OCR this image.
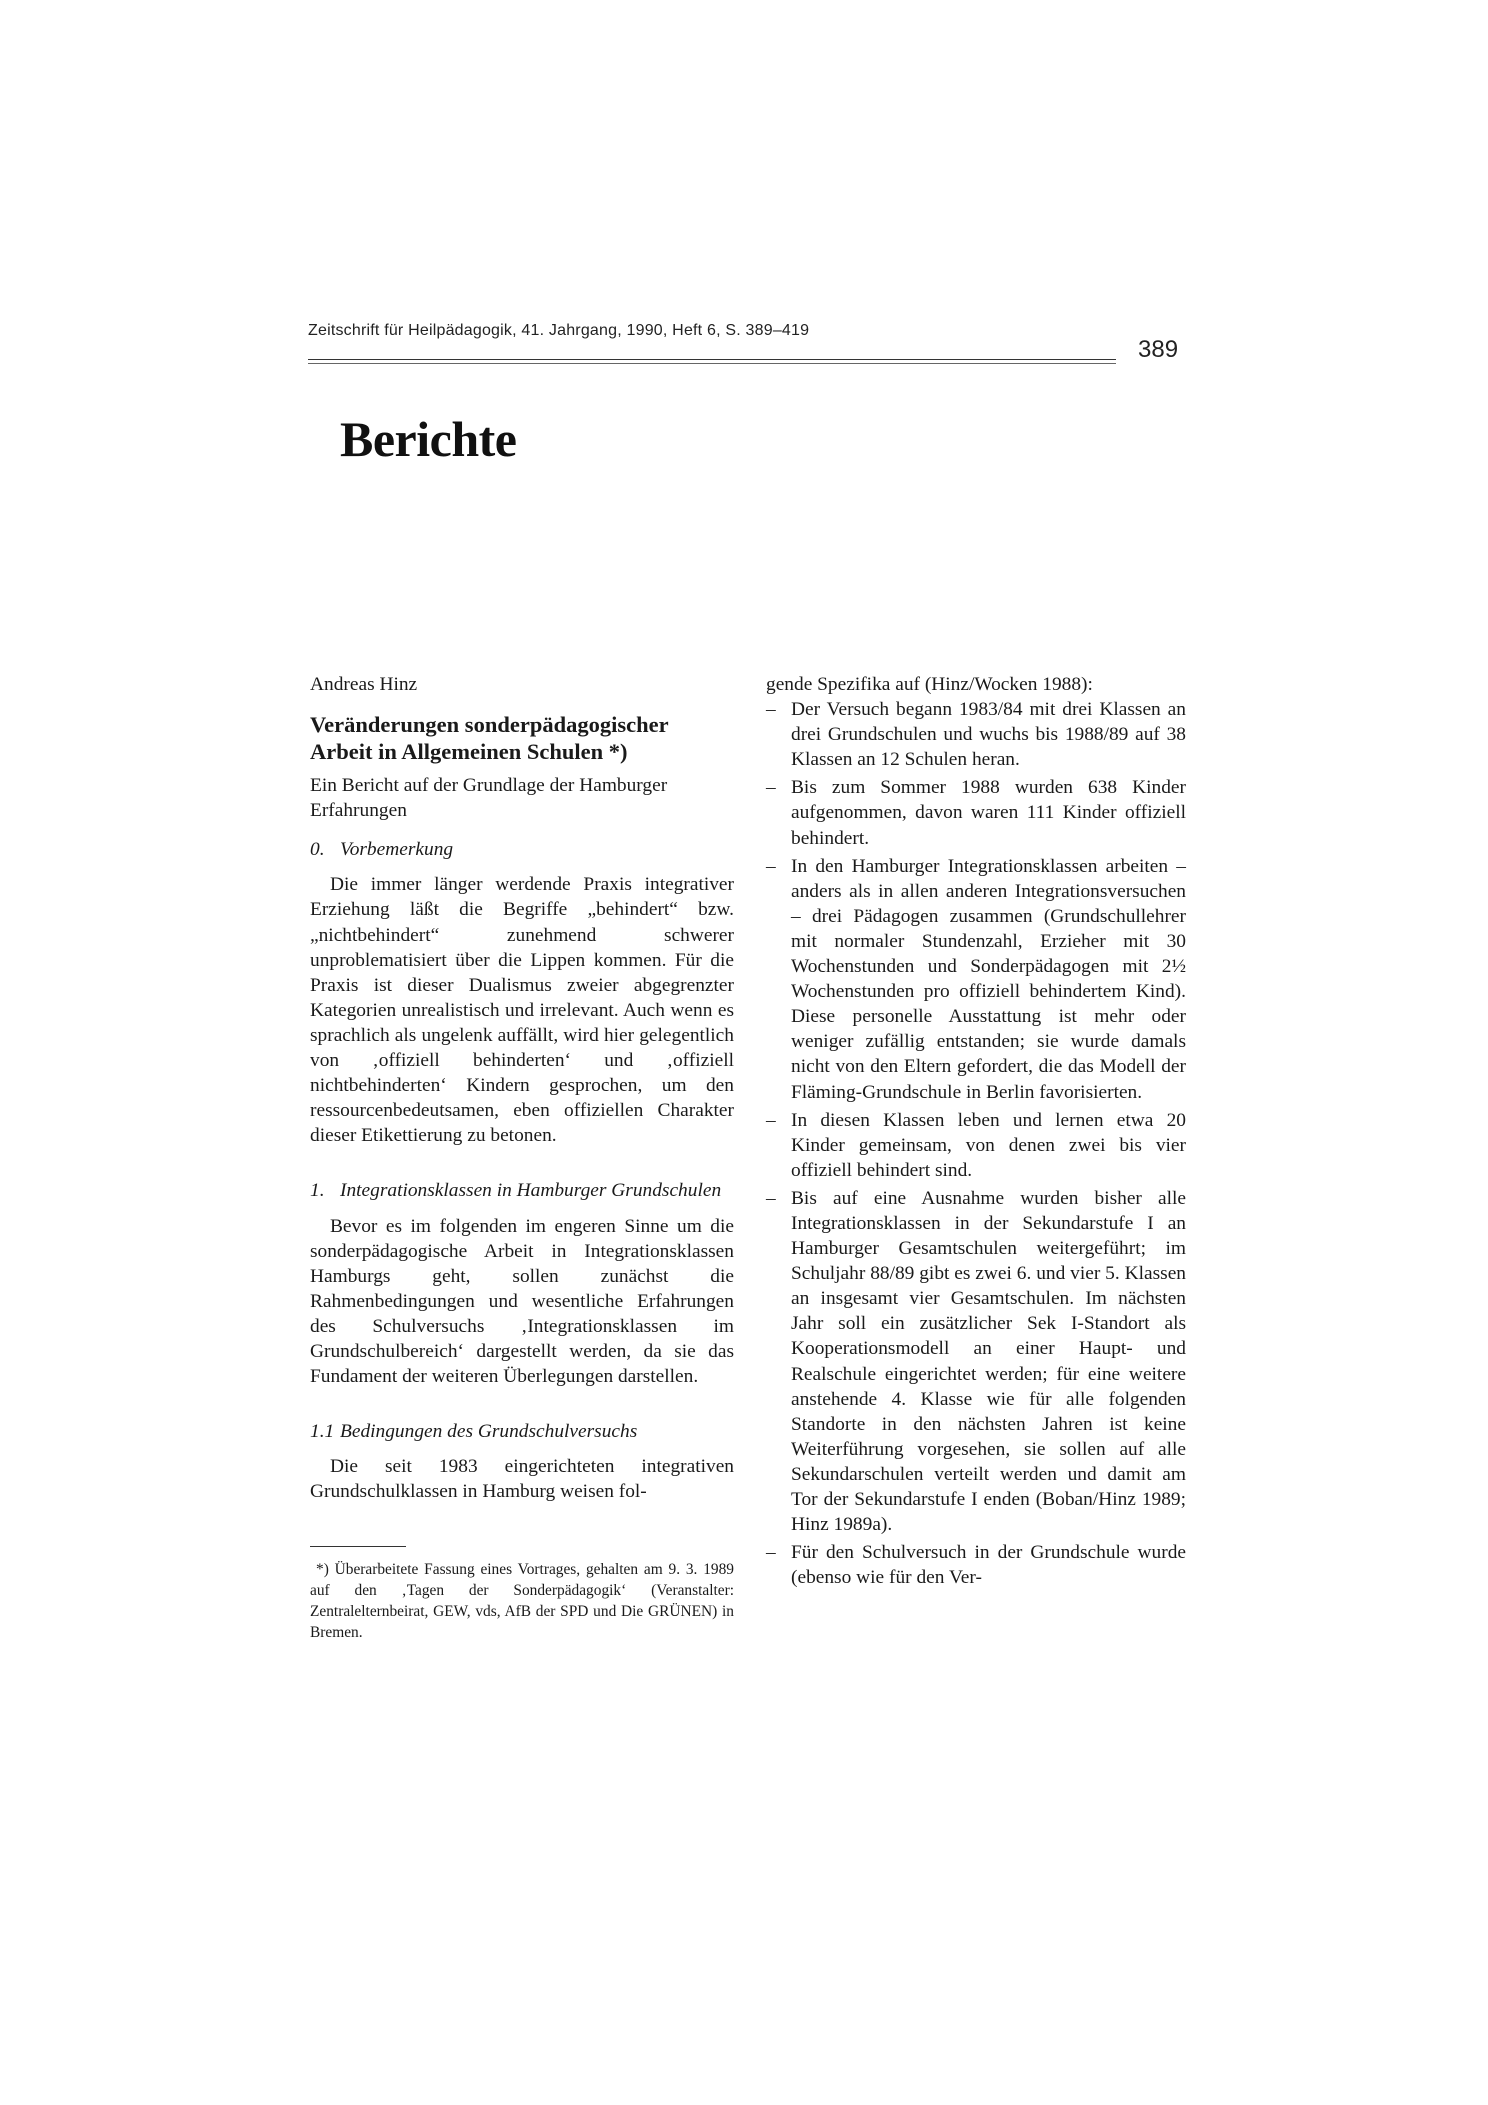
Zeitschrift für Heilpädagogik, 41. Jahrgang, 1990, Heft 6, S. 389–419
389
Berichte

Andreas Hinz

Veränderungen sonderpädagogischer Arbeit in Allgemeinen Schulen *)

Ein Bericht auf der Grundlage der Hamburger Erfahrungen

0. Vorbemerkung

Die immer länger werdende Praxis integrativer Erziehung läßt die Begriffe „behindert“ bzw. „nichtbehindert“ zunehmend schwerer unproblematisiert über die Lippen kommen. Für die Praxis ist dieser Dualismus zweier abgegrenzter Kategorien unrealistisch und irrelevant. Auch wenn es sprachlich als ungelenk auffällt, wird hier gelegentlich von ‚offiziell behinderten‘ und ‚offiziell nichtbehinderten‘ Kindern gesprochen, um den ressourcenbedeutsamen, eben offiziellen Charakter dieser Etikettierung zu betonen.

1. Integrationsklassen in Hamburger Grundschulen

Bevor es im folgenden im engeren Sinne um die sonderpädagogische Arbeit in Integrationsklassen Hamburgs geht, sollen zunächst die Rahmenbedingungen und wesentliche Erfahrungen des Schulversuchs ‚Integrationsklassen im Grundschulbereich‘ dargestellt werden, da sie das Fundament der weiteren Überlegungen darstellen.

1.1 Bedingungen des Grundschulversuchs

Die seit 1983 eingerichteten integrativen Grundschulklassen in Hamburg weisen fol-

*) Überarbeitete Fassung eines Vortrages, gehalten am 9. 3. 1989 auf den ‚Tagen der Sonderpädagogik‘ (Veranstalter: Zentralelternbeirat, GEW, vds, AfB der SPD und Die GRÜNEN) in Bremen.

gende Spezifika auf (Hinz/Wocken 1988):

– Der Versuch begann 1983/84 mit drei Klassen an drei Grundschulen und wuchs bis 1988/89 auf 38 Klassen an 12 Schulen heran.
– Bis zum Sommer 1988 wurden 638 Kinder aufgenommen, davon waren 111 Kinder offiziell behindert.
– In den Hamburger Integrationsklassen arbeiten – anders als in allen anderen Integrationsversuchen – drei Pädagogen zusammen (Grundschullehrer mit normaler Stundenzahl, Erzieher mit 30 Wochenstunden und Sonderpädagogen mit 2½ Wochenstunden pro offiziell behindertem Kind). Diese personelle Ausstattung ist mehr oder weniger zufällig entstanden; sie wurde damals nicht von den Eltern gefordert, die das Modell der Fläming-Grundschule in Berlin favorisierten.
– In diesen Klassen leben und lernen etwa 20 Kinder gemeinsam, von denen zwei bis vier offiziell behindert sind.
– Bis auf eine Ausnahme wurden bisher alle Integrationsklassen in der Sekundarstufe I an Hamburger Gesamtschulen weitergeführt; im Schuljahr 88/89 gibt es zwei 6. und vier 5. Klassen an insgesamt vier Gesamtschulen. Im nächsten Jahr soll ein zusätzlicher Sek I-Standort als Kooperationsmodell an einer Haupt- und Realschule eingerichtet werden; für eine weitere anstehende 4. Klasse wie für alle folgenden Standorte in den nächsten Jahren ist keine Weiterführung vorgesehen, sie sollen auf alle Sekundarschulen verteilt werden und damit am Tor der Sekundarstufe I enden (Boban/Hinz 1989; Hinz 1989a).
– Für den Schulversuch in der Grundschule wurde (ebenso wie für den Ver-
